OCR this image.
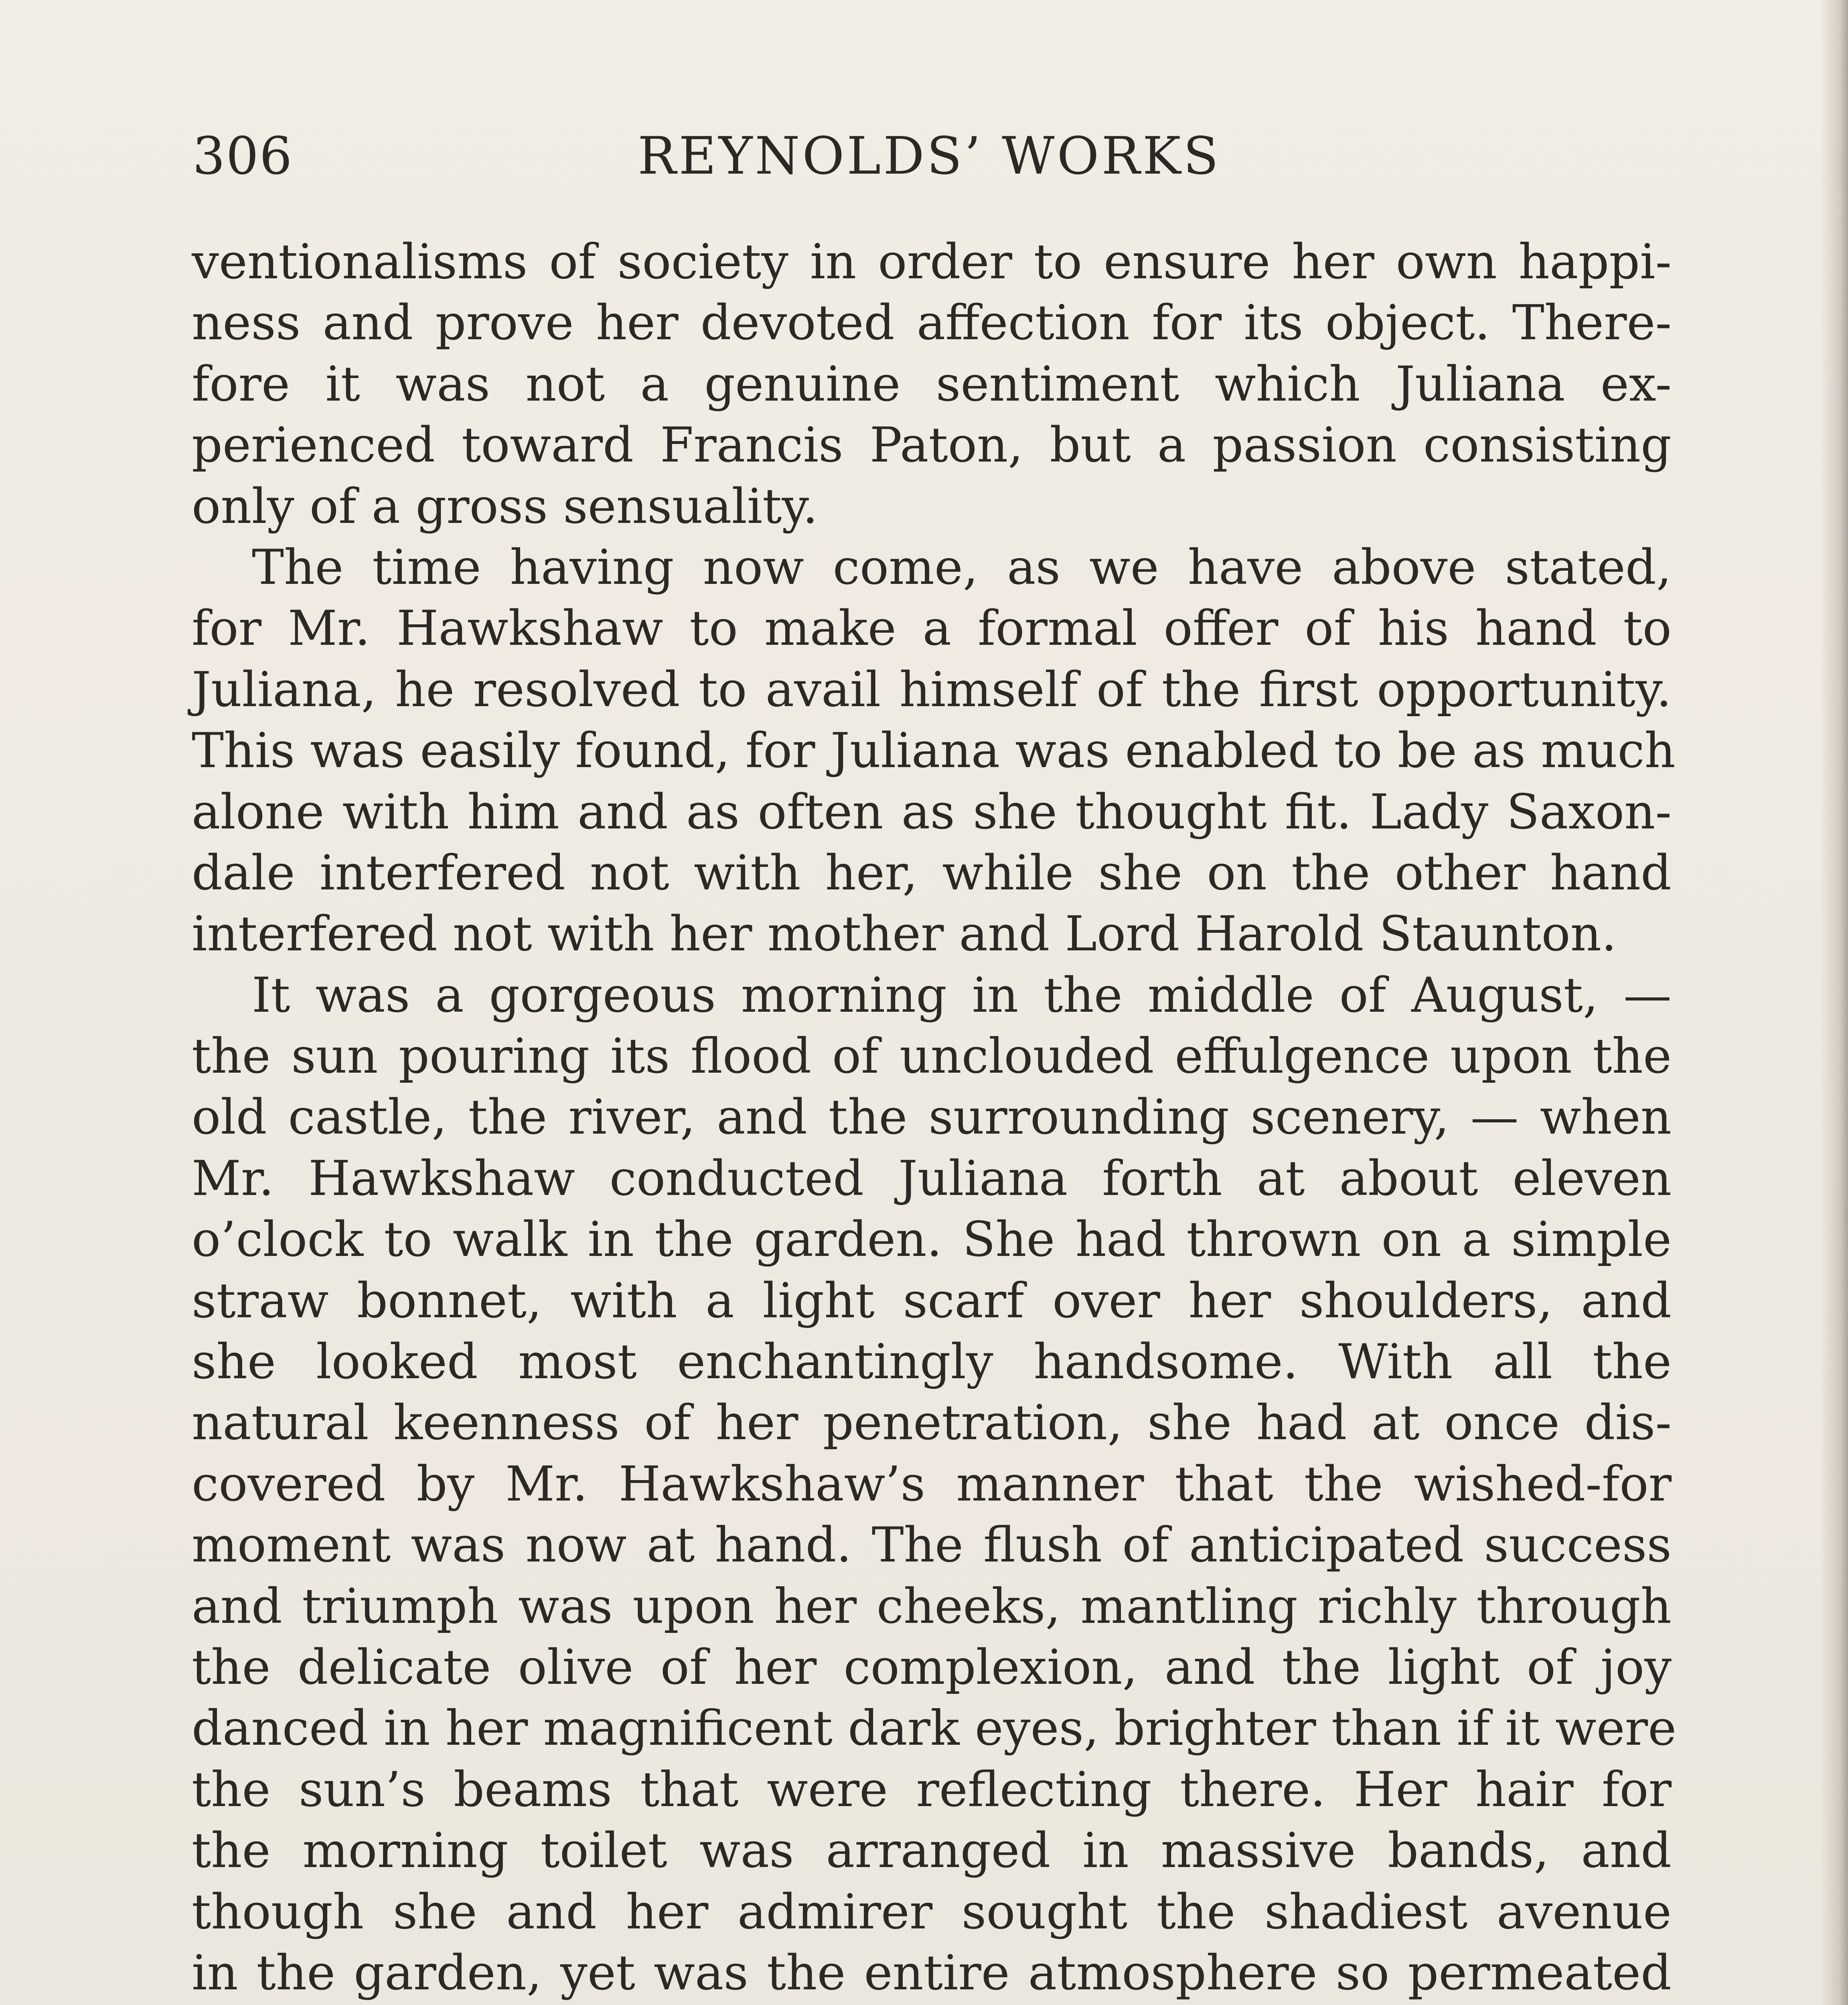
306	REYNOLDS’ WORKS
ventionalisms of society in order to ensure her own happi-
ness and prove her devoted affection for its object. There-
fore it was not a genuine sentiment which Juliana ex-
perienced toward Francis Paton, but a passion consisting
only of a gross sensuality.
The time having now come, as we have above stated,
for Mr. Hawkshaw to make a formal offer of his hand to
Juliana, he resolved to avail himself of the first opportunity.
This was easily found, for Juliana was enabled to be as much
alone with him and as often as she thought fit. Lady Saxon-
dale interfered not with her, while she on the other hand
interfered not with her mother and Lord Harold Staunton.
It was a gorgeous morning in the middle of August, —
the sun pouring its flood of unclouded effulgence upon the
old castle, the river, and the surrounding scenery, — when
Mr. Hawkshaw conducted Juliana forth at about eleven
o’clock to walk in the garden. She had thrown on a simple
straw bonnet, with a light scarf over her shoulders, and
she looked most enchantingly handsome. With all the
natural keenness of her penetration, she had at once dis-
covered by Mr. Hawkshaw’s manner that the wished-for
moment was now at hand. The flush of anticipated success
and triumph was upon her cheeks, mantling richly through
the delicate olive of her complexion, and the light of joy
danced in her magnificent dark eyes, brighter than if it were
the sun’s beams that were reflecting there. Her hair for
the morning toilet was arranged in massive bands, and
though she and her admirer sought the shadiest avenue
in the garden, yet was the entire atmosphere so permeated
